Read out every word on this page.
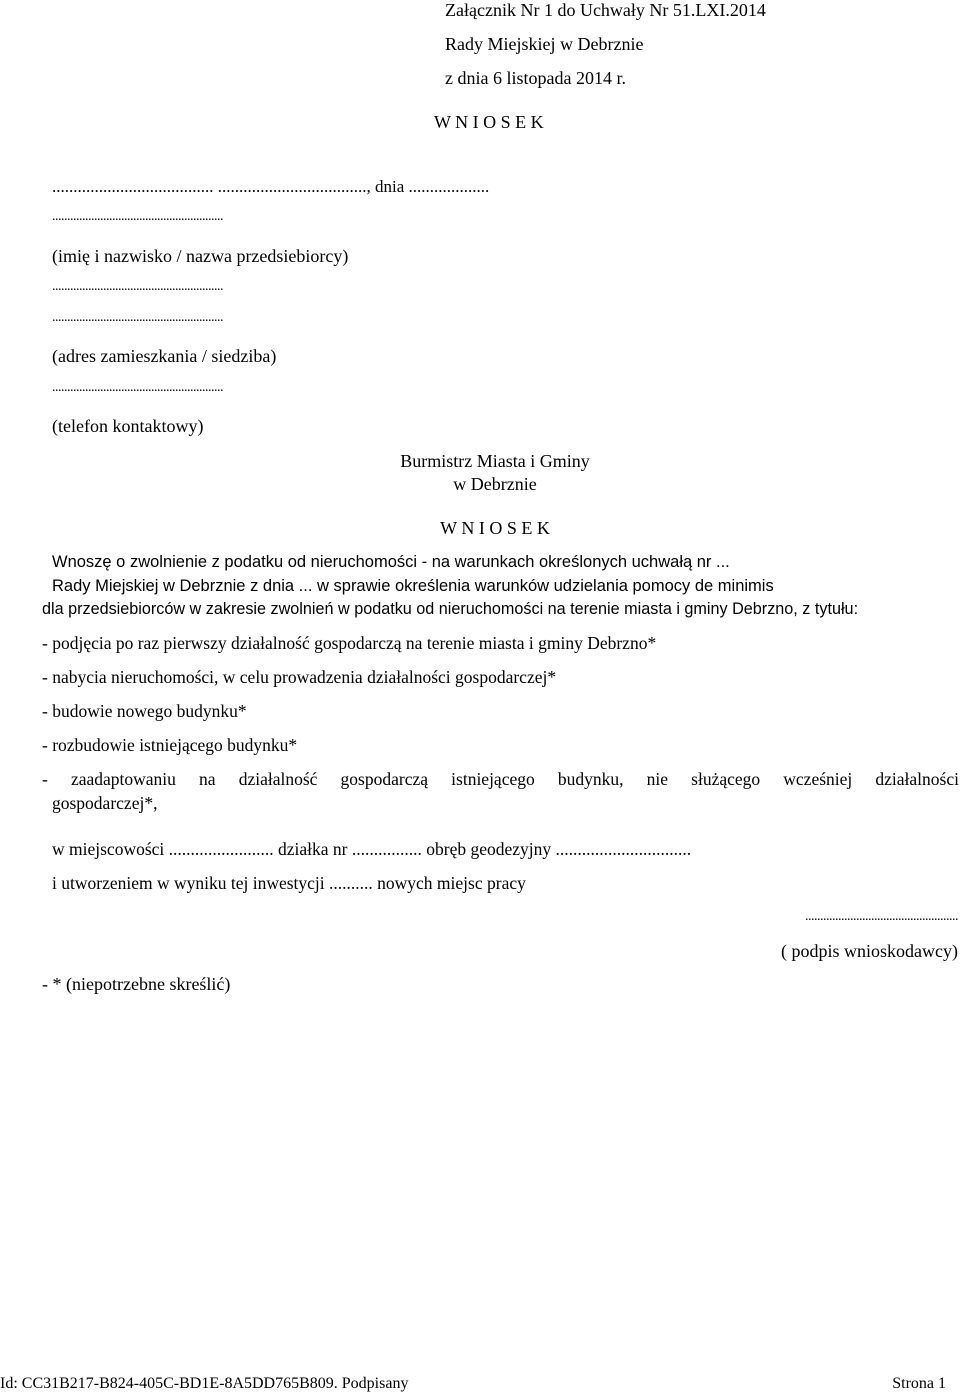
Załącznik Nr 1 do Uchwały Nr 51.LXI.2014
Rady Miejskiej w Debrznie
z dnia 6 listopada 2014 r.
W N I O S E K
...................................... ..................................., dnia ...................
.........................................................
(imię i nazwisko / nazwa przedsiebiorcy)
.........................................................
.........................................................
(adres zamieszkania / siedziba)
.........................................................
(telefon kontaktowy)
Burmistrz Miasta i Gminy
w Debrznie
W N I O S E K
Wnoszę o zwolnienie z podatku od nieruchomości - na warunkach określonych uchwałą nr ...
Rady Miejskiej w Debrznie z dnia ... w sprawie określenia warunków udzielania pomocy de minimis
dla przedsiebiorców w zakresie zwolnień w podatku od nieruchomości na terenie miasta i gminy Debrzno, z tytułu:
- podjęcia po raz pierwszy działalność gospodarczą na terenie miasta i gminy Debrzno*
- nabycia nieruchomości, w celu prowadzenia działalności gospodarczej*
- budowie nowego budynku*
- rozbudowie istniejącego budynku*
- zaadaptowaniu na działalność gospodarczą istniejącego budynku, nie służącego wcześniej działalności
gospodarczej*,
w miejscowości ........................ działka nr ................ obręb geodezyjny ...............................
i utworzeniem w wyniku tej inwestycji .......... nowych miejsc pracy
...................................................
( podpis wnioskodawcy)
- * (niepotrzebne skreślić)
Id: CC31B217-B824-405C-BD1E-8A5DD765B809. Podpisany	Strona 1
